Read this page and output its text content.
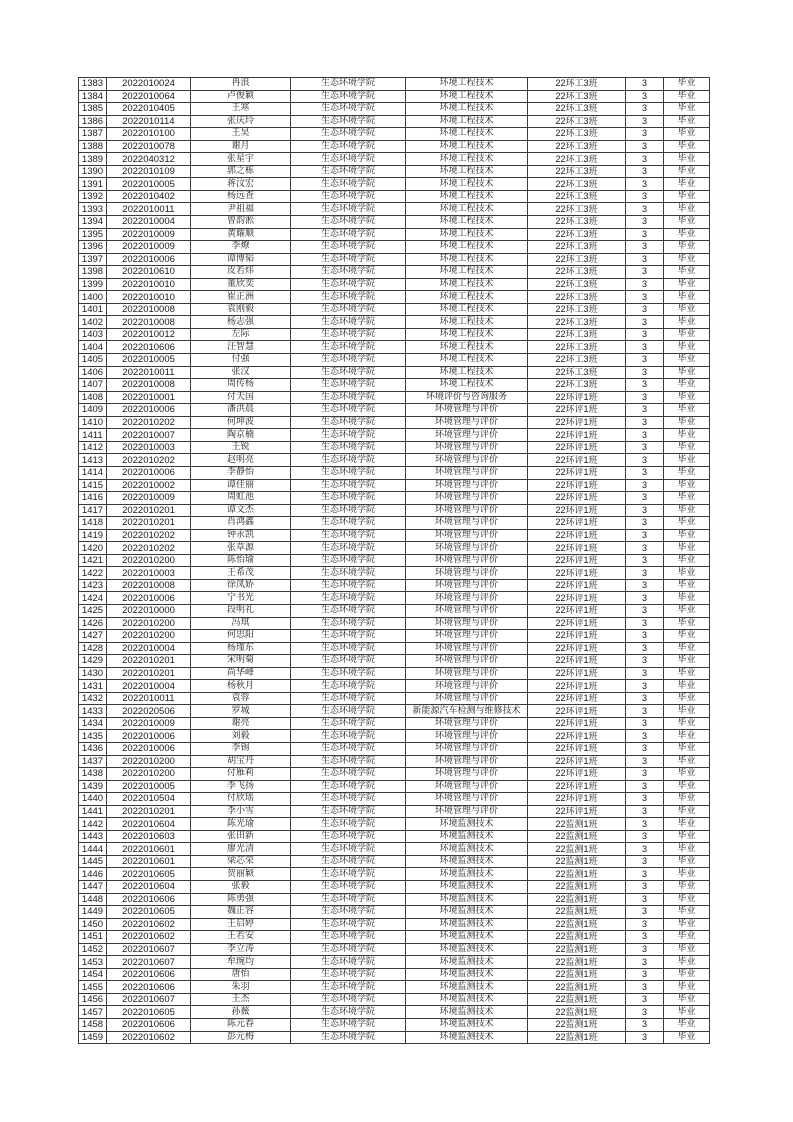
1383	2022010024	冉浪	生态环境学院	环境工程技术	22环工3班	3	毕业
1384	2022010064	卢俊颖	生态环境学院	环境工程技术	22环工3班	3	毕业
1385	2022010405	王寒	生态环境学院	环境工程技术	22环工3班	3	毕业
1386	2022010114	张庆玲	生态环境学院	环境工程技术	22环工3班	3	毕业
1387	2022010100	王昊	生态环境学院	环境工程技术	22环工3班	3	毕业
1388	2022010078	谢月	生态环境学院	环境工程技术	22环工3班	3	毕业
1389	2022040312	张星宇	生态环境学院	环境工程技术	22环工3班	3	毕业
1390	2022010109	郭之栋	生态环境学院	环境工程技术	22环工3班	3	毕业
1391	2022010005	蒋汶宏	生态环境学院	环境工程技术	22环工3班	3	毕业
1392	2022010402	杨远查	生态环境学院	环境工程技术	22环工3班	3	毕业
1393	2022010011	尹祖福	生态环境学院	环境工程技术	22环工3班	3	毕业
1394	2022010004	曾韵淞	生态环境学院	环境工程技术	22环工3班	3	毕业
1395	2022010009	黄耀顺	生态环境学院	环境工程技术	22环工3班	3	毕业
1396	2022010009	李燎	生态环境学院	环境工程技术	22环工3班	3	毕业
1397	2022010006	谭博韬	生态环境学院	环境工程技术	22环工3班	3	毕业
1398	2022010610	皮若炜	生态环境学院	环境工程技术	22环工3班	3	毕业
1399	2022010010	董欣奕	生态环境学院	环境工程技术	22环工3班	3	毕业
1400	2022010010	崔正洲	生态环境学院	环境工程技术	22环工3班	3	毕业
1401	2022010008	袁刚毅	生态环境学院	环境工程技术	22环工3班	3	毕业
1402	2022010008	杨志强	生态环境学院	环境工程技术	22环工3班	3	毕业
1403	2022010012	左际	生态环境学院	环境工程技术	22环工3班	3	毕业
1404	2022010606	汪智慧	生态环境学院	环境工程技术	22环工3班	3	毕业
1405	2022010005	付强	生态环境学院	环境工程技术	22环工3班	3	毕业
1406	2022010011	张汉	生态环境学院	环境工程技术	22环工3班	3	毕业
1407	2022010008	周传杨	生态环境学院	环境工程技术	22环工3班	3	毕业
1408	2022010001	付天国	生态环境学院	环境评价与咨询服务	22环评1班	3	毕业
1409	2022010006	潘洪晨	生态环境学院	环境管理与评价	22环评1班	3	毕业
1410	2022010202	何坤波	生态环境学院	环境管理与评价	22环评1班	3	毕业
1411	2022010007	陶京楠	生态环境学院	环境管理与评价	22环评1班	3	毕业
1412	2022010003	王锐	生态环境学院	环境管理与评价	22环评1班	3	毕业
1413	2022010202	赵明亮	生态环境学院	环境管理与评价	22环评1班	3	毕业
1414	2022010006	李静怡	生态环境学院	环境管理与评价	22环评1班	3	毕业
1415	2022010002	谭佳丽	生态环境学院	环境管理与评价	22环评1班	3	毕业
1416	2022010009	周虹池	生态环境学院	环境管理与评价	22环评1班	3	毕业
1417	2022010201	谭文杰	生态环境学院	环境管理与评价	22环评1班	3	毕业
1418	2022010201	肖鸿鑫	生态环境学院	环境管理与评价	22环评1班	3	毕业
1419	2022010202	钟永凯	生态环境学院	环境管理与评价	22环评1班	3	毕业
1420	2022010202	张草源	生态环境学院	环境管理与评价	22环评1班	3	毕业
1421	2022010200	陈怡瑜	生态环境学院	环境管理与评价	22环评1班	3	毕业
1422	2022010003	王希茂	生态环境学院	环境管理与评价	22环评1班	3	毕业
1423	2022010008	徐凤娇	生态环境学院	环境管理与评价	22环评1班	3	毕业
1424	2022010006	宁书光	生态环境学院	环境管理与评价	22环评1班	3	毕业
1425	2022010000	段明礼	生态环境学院	环境管理与评价	22环评1班	3	毕业
1426	2022010200	冯琪	生态环境学院	环境管理与评价	22环评1班	3	毕业
1427	2022010200	何思阳	生态环境学院	环境管理与评价	22环评1班	3	毕业
1428	2022010004	杨瑾东	生态环境学院	环境管理与评价	22环评1班	3	毕业
1429	2022010201	宋明菊	生态环境学院	环境管理与评价	22环评1班	3	毕业
1430	2022010201	尚华峰	生态环境学院	环境管理与评价	22环评1班	3	毕业
1431	2022010004	杨秋月	生态环境学院	环境管理与评价	22环评1班	3	毕业
1432	2022010011	袁蓉	生态环境学院	环境管理与评价	22环评1班	3	毕业
1433	2022020506	罗城	生态环境学院	新能源汽车检测与维修技术	22环评1班	3	毕业
1434	2022010009	谢亮	生态环境学院	环境管理与评价	22环评1班	3	毕业
1435	2022010006	刘毅	生态环境学院	环境管理与评价	22环评1班	3	毕业
1436	2022010006	李锡	生态环境学院	环境管理与评价	22环评1班	3	毕业
1437	2022010200	胡宝丹	生态环境学院	环境管理与评价	22环评1班	3	毕业
1438	2022010200	付雁莉	生态环境学院	环境管理与评价	22环评1班	3	毕业
1439	2022010005	李飞扬	生态环境学院	环境管理与评价	22环评1班	3	毕业
1440	2022010504	付欣瑶	生态环境学院	环境管理与评价	22环评1班	3	毕业
1441	2022010201	李小雪	生态环境学院	环境管理与评价	22环评1班	3	毕业
1442	2022010604	陈光瑜	生态环境学院	环境监测技术	22监测1班	3	毕业
1443	2022010603	张田新	生态环境学院	环境监测技术	22监测1班	3	毕业
1444	2022010601	廖光清	生态环境学院	环境监测技术	22监测1班	3	毕业
1445	2022010601	梁芯荣	生态环境学院	环境监测技术	22监测1班	3	毕业
1446	2022010605	贺丽颖	生态环境学院	环境监测技术	22监测1班	3	毕业
1447	2022010604	张毅	生态环境学院	环境监测技术	22监测1班	3	毕业
1448	2022010606	陈勇强	生态环境学院	环境监测技术	22监测1班	3	毕业
1449	2022010605	魏正容	生态环境学院	环境监测技术	22监测1班	3	毕业
1450	2022010602	王启婷	生态环境学院	环境监测技术	22监测1班	3	毕业
1451	2022010602	王若安	生态环境学院	环境监测技术	22监测1班	3	毕业
1452	2022010607	李立涛	生态环境学院	环境监测技术	22监测1班	3	毕业
1453	2022010607	牟琬均	生态环境学院	环境监测技术	22监测1班	3	毕业
1454	2022010606	唐怡	生态环境学院	环境监测技术	22监测1班	3	毕业
1455	2022010606	朱羽	生态环境学院	环境监测技术	22监测1班	3	毕业
1456	2022010607	王杰	生态环境学院	环境监测技术	22监测1班	3	毕业
1457	2022010605	孙薇	生态环境学院	环境监测技术	22监测1班	3	毕业
1458	2022010606	陈元春	生态环境学院	环境监测技术	22监测1班	3	毕业
1459	2022010602	彭元梅	生态环境学院	环境监测技术	22监测1班	3	毕业
